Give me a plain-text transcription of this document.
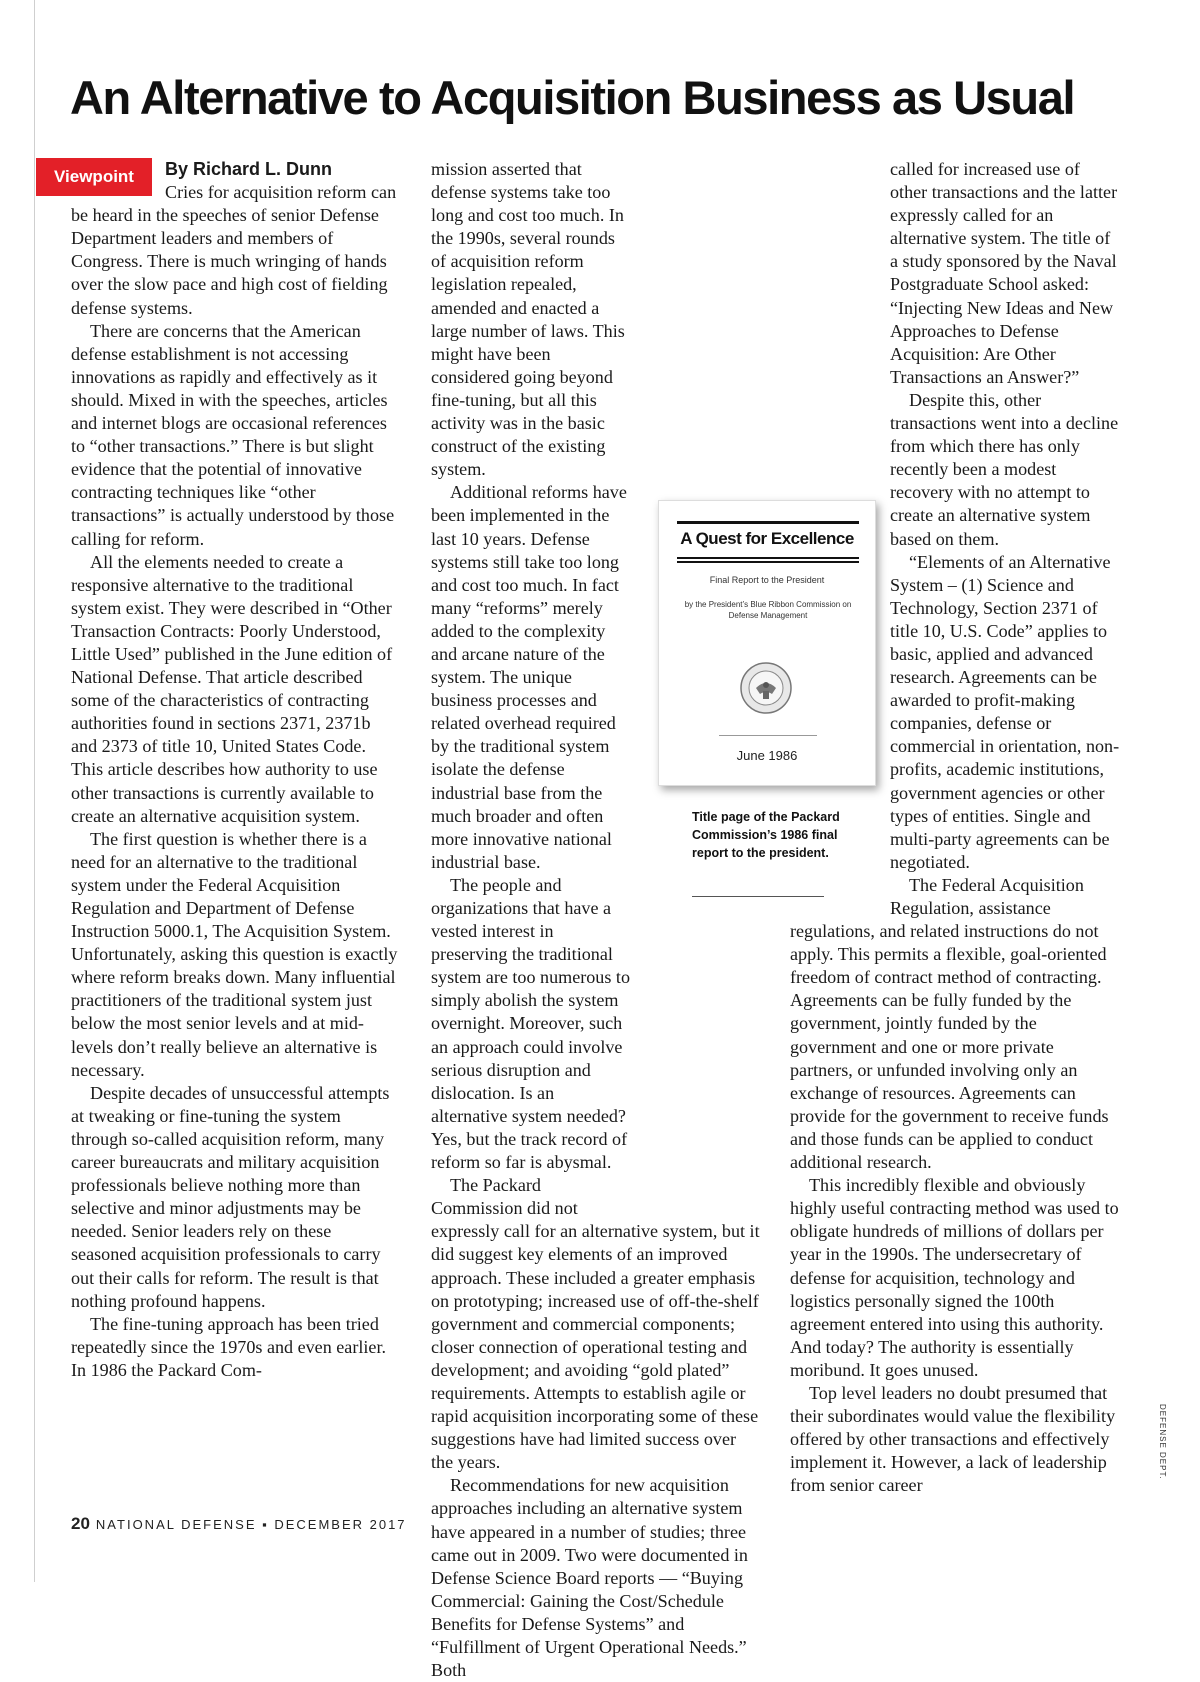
An Alternative to Acquisition Business as Usual
Viewpoint	By Richard L. Dunn

Cries for acquisition reform can be heard in the speeches of senior Defense Department leaders and members of Congress. There is much wringing of hands over the slow pace and high cost of fielding defense systems.

There are concerns that the American defense establishment is not accessing innovations as rapidly and effectively as it should. Mixed in with the speeches, articles and internet blogs are occasional references to “other transactions.” There is but slight evidence that the potential of innovative contracting techniques like “other transactions” is actually understood by those calling for reform.

All the elements needed to create a responsive alternative to the traditional system exist. They were described in “Other Transaction Contracts: Poorly Understood, Little Used” published in the June edition of National Defense. That article described some of the characteristics of contracting authorities found in sections 2371, 2371b and 2373 of title 10, United States Code. This article describes how authority to use other transactions is currently available to create an alternative acquisition system.

The first question is whether there is a need for an alternative to the traditional system under the Federal Acquisition Regulation and Department of Defense Instruction 5000.1, The Acquisition System. Unfortunately, asking this question is exactly where reform breaks down. Many influential practitioners of the traditional system just below the most senior levels and at mid-levels don’t really believe an alternative is necessary.

Despite decades of unsuccessful attempts at tweaking or fine-tuning the system through so-called acquisition reform, many career bureaucrats and military acquisition professionals believe nothing more than selective and minor adjustments may be needed. Senior leaders rely on these seasoned acquisition professionals to carry out their calls for reform. The result is that nothing profound happens.

The fine-tuning approach has been tried repeatedly since the 1970s and even earlier. In 1986 the Packard Com-

mission asserted that defense systems take too long and cost too much. In the 1990s, several rounds of acquisition reform legislation repealed, amended and enacted a large number of laws. This might have been considered going beyond fine-tuning, but all this activity was in the basic construct of the existing system.

Additional reforms have been implemented in the last 10 years. Defense systems still take too long and cost too much. In fact many “reforms” merely added to the complexity and arcane nature of the system. The unique business processes and related overhead required by the traditional system isolate the defense industrial base from the much broader and often more innovative national industrial base.

The people and organizations that have a vested interest in preserving the traditional system are too numerous to simply abolish the system overnight. Moreover, such an approach could involve serious disruption and dislocation. Is an alternative system needed? Yes, but the track record of reform so far is abysmal.

The Packard Commission did not expressly call for an alternative system, but it did suggest key elements of an improved approach. These included a greater emphasis on prototyping; increased use of off-the-shelf government and commercial components; closer connection of operational testing and development; and avoiding “gold plated” requirements. Attempts to establish agile or rapid acquisition incorporating some of these suggestions have had limited success over the years.

Recommendations for new acquisition approaches including an alternative system have appeared in a number of studies; three came out in 2009. Two were documented in Defense Science Board reports — “Buying Commercial: Gaining the Cost/Schedule Benefits for Defense Systems” and “Fulfillment of Urgent Operational Needs.” Both

called for increased use of other transactions and the latter expressly called for an alternative system. The title of a study sponsored by the Naval Postgraduate School asked: “Injecting New Ideas and New Approaches to Defense Acquisition: Are Other Transactions an Answer?”

Despite this, other transactions went into a decline from which there has only recently been a modest recovery with no attempt to create an alternative system based on them.

“Elements of an Alternative System – (1) Science and Technology, Section 2371 of title 10, U.S. Code” applies to basic, applied and advanced research. Agreements can be awarded to profit-making companies, defense or commercial in orientation, non-profits, academic institutions, government agencies or other types of entities. Single and multi-party agreements can be negotiated.

The Federal Acquisition Regulation, assistance regulations, and related instructions do not apply. This permits a flexible, goal-oriented freedom of contract method of contracting. Agreements can be fully funded by the government, jointly funded by the government and one or more private partners, or unfunded involving only an exchange of resources. Agreements can provide for the government to receive funds and those funds can be applied to conduct additional research.

This incredibly flexible and obviously highly useful contracting method was used to obligate hundreds of millions of dollars per year in the 1990s. The undersecretary of defense for acquisition, technology and logistics personally signed the 100th agreement entered into using this authority. And today? The authority is essentially moribund. It goes unused.

Top level leaders no doubt presumed that their subordinates would value the flexibility offered by other transactions and effectively implement it. However, a lack of leadership from senior career

A Quest for Excellence
Final Report to the President
by the President’s Blue Ribbon Commission on Defense Management
June 1986

Title page of the Packard Commission’s 1986 final report to the president.

DEFENSE DEPT.
20 NATIONAL DEFENSE ▪ DECEMBER 2017
